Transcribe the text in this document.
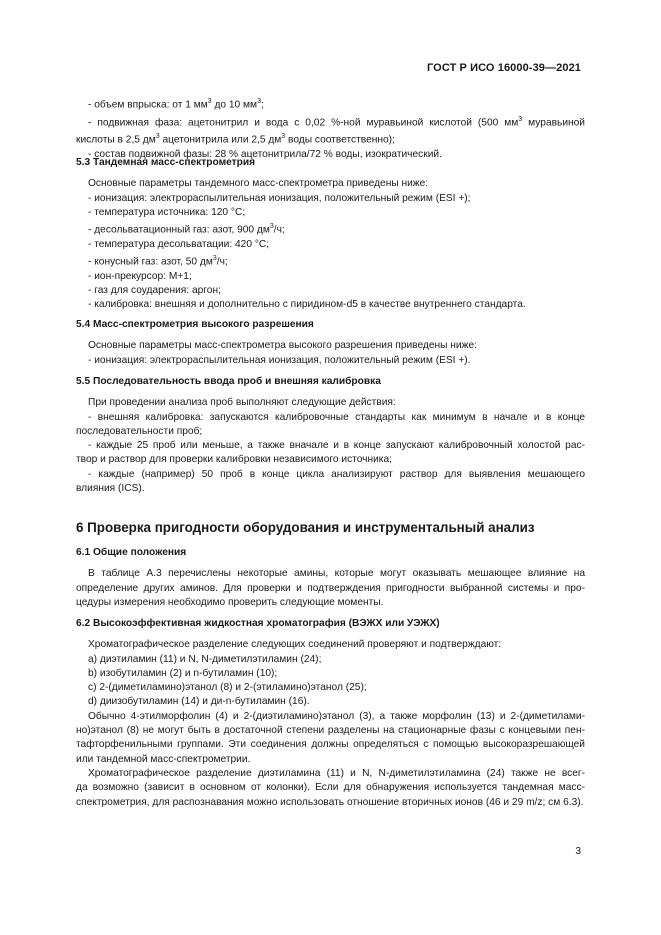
ГОСТ Р ИСО 16000-39—2021
- объем впрыска: от 1 $мм^3$ до 10 $мм^3$;
- подвижная фаза: ацетонитрил и вода с 0,02 %-ной муравьиной кислотой (500 $мм^3$ муравьиной
кислоты в 2,5 $дм^3$ ацетонитрила или 2,5 $дм^3$ воды соответственно);
- состав подвижной фазы: 28 % ацетонитрила/72 % воды, изократический.
5.3 Тандемная масс-спектрометрия
Основные параметры тандемного масс-спектрометра приведены ниже:
- ионизация: электрораспылительная ионизация, положительный режим (ESI +);
- температура источника: 120 °C;
- десольватационный газ: азот, 900 $дм^3/ч$;
- температура десольватации: 420 °C;
- конусный газ: азот, 50 $дм^3/ч$;
- ион-прекурсор: М+1;
- газ для соударения: аргон;
- калибровка: внешняя и дополнительно с пиридином-d5 в качестве внутреннего стандарта.
5.4 Масс-спектрометрия высокого разрешения
Основные параметры масс-спектрометра высокого разрешения приведены ниже:
- ионизация: электрораспылительная ионизация, положительный режим (ESI +).
5.5 Последовательность ввода проб и внешняя калибровка
При проведении анализа проб выполняют следующие действия:
- внешняя калибровка: запускаются калибровочные стандарты как минимум в начале и в конце
последовательности проб;
- каждые 25 проб или меньше, а также вначале и в конце запускают калибровочный холостой рас-
твор и раствор для проверки калибровки независимого источника;
- каждые (например) 50 проб в конце цикла анализируют раствор для выявления мешающего
влияния (ICS).
6 Проверка пригодности оборудования и инструментальный анализ
6.1 Общие положения
В таблице А.3 перечислены некоторые амины, которые могут оказывать мешающее влияние на
определение других аминов. Для проверки и подтверждения пригодности выбранной системы и про-
цедуры измерения необходимо проверить следующие моменты.
6.2 Высокоэффективная жидкостная хроматография (ВЭЖХ или УЭЖХ)
Хроматографическое разделение следующих соединений проверяют и подтверждают:
а) диэтиламин (11) и N, N-диметилэтиламин (24);
b) изобутиламин (2) и n-бутиламин (10);
с) 2-(диметиламино)этанол (8) и 2-(этиламино)этанол (25);
d) диизобутиламин (14) и ди-n-бутиламин (16).
Обычно 4-этилморфолин (4) и 2-(диэтиламино)этанол (3), а также морфолин (13) и 2-(диметилами-
но)этанол (8) не могут быть в достаточной степени разделены на стационарные фазы с концевыми пен-
тафторфенильными группами. Эти соединения должны определяться с помощью высокоразрешающей
или тандемной масс-спектрометрии.
Хроматографическое разделение диэтиламина (11) и N, N-диметилэтиламина (24) также не всег-
да возможно (зависит в основном от колонки). Если для обнаружения используется тандемная масс-
спектрометрия, для распознавания можно использовать отношение вторичных ионов (46 и 29 m/z; см 6.3).
3
